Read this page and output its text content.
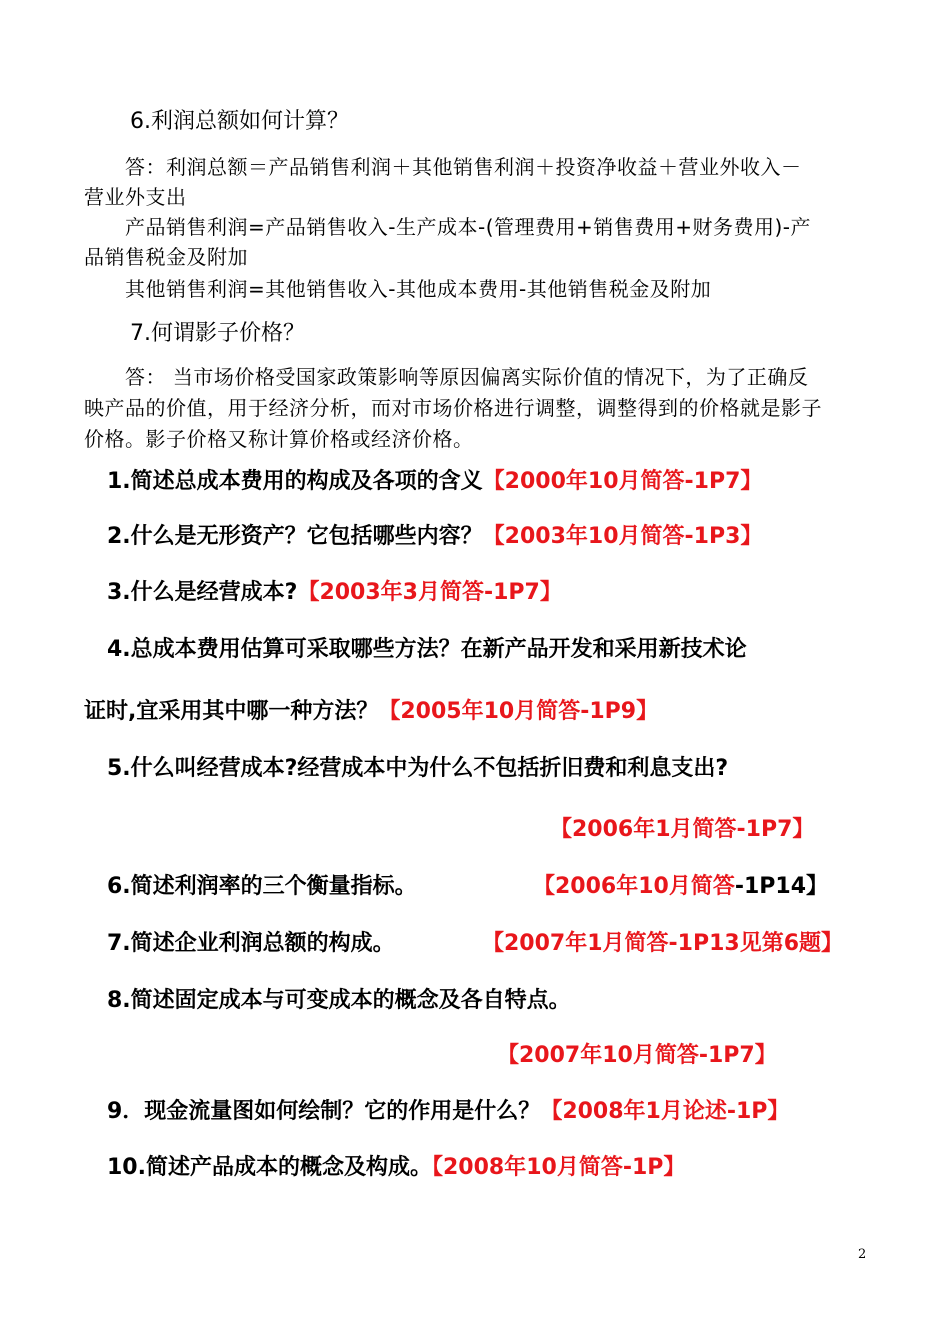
6.利润总额如何计算？
答：利润总额＝产品销售利润＋其他销售利润＋投资净收益＋营业外收入－
营业外支出
产品销售利润=产品销售收入-生产成本-(管理费用+销售费用+财务费用)-产
品销售税金及附加
其他销售利润=其他销售收入-其他成本费用-其他销售税金及附加
7.何谓影子价格？
答： 当市场价格受国家政策影响等原因偏离实际价值的情况下，为了正确反
映产品的价值，用于经济分析，而对市场价格进行调整，调整得到的价格就是影子
价格。影子价格又称计算价格或经济价格。
1.简述总成本费用的构成及各项的含义【2000年10月简答-1P7】
2.什么是无形资产？它包括哪些内容？【2003年10月简答-1P3】
3.什么是经营成本?【2003年3月简答-1P7】
4.总成本费用估算可采取哪些方法？在新产品开发和采用新技术论
证时,宜采用其中哪一种方法？【2005年10月简答-1P9】
5.什么叫经营成本?经营成本中为什么不包括折旧费和利息支出?
【2006年1月简答-1P7】
6.简述利润率的三个衡量指标。	【2006年10月简答-1P14】
7.简述企业利润总额的构成。	【2007年1月简答-1P13见第6题】
8.简述固定成本与可变成本的概念及各自特点。
【2007年10月简答-1P7】
9．现金流量图如何绘制？它的作用是什么？【2008年1月论述-1P】
10.简述产品成本的概念及构成。【2008年10月简答-1P】
2
